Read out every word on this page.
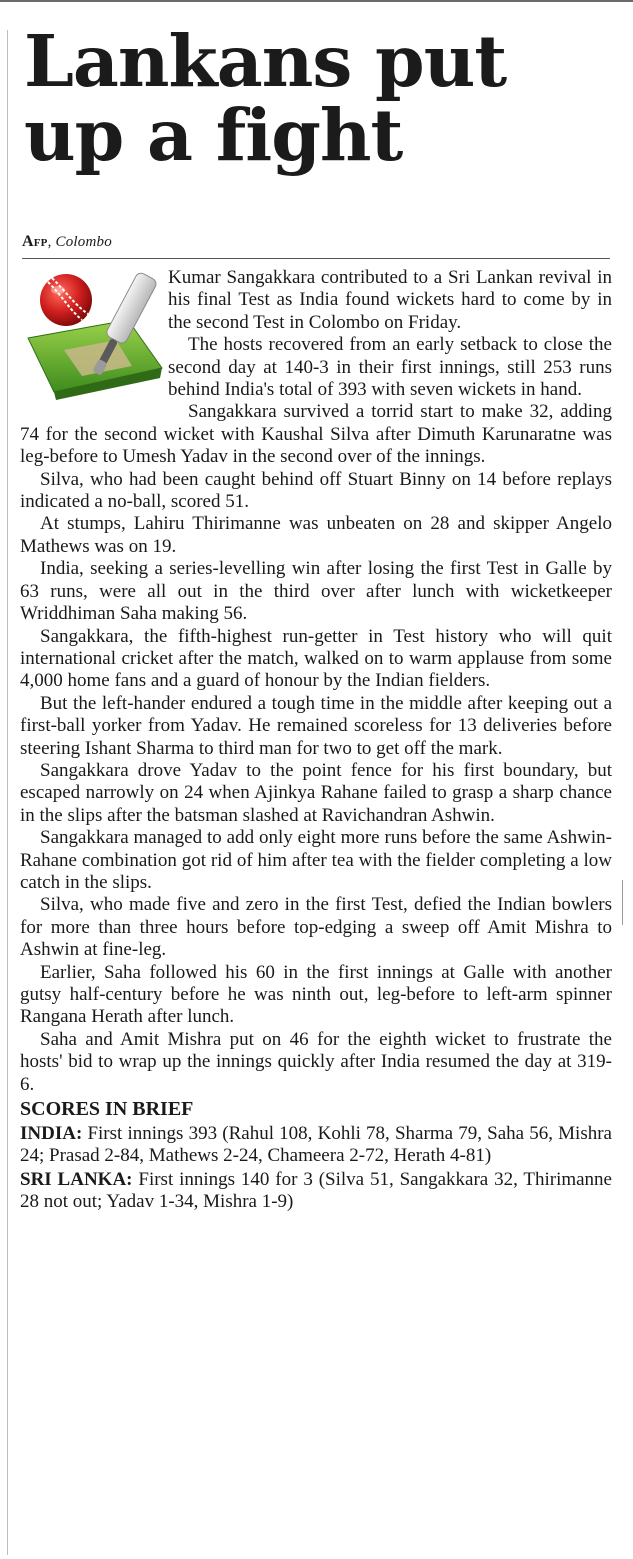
Lankans put up a fight
Afp, Colombo

Kumar Sangakkara contributed to a Sri Lankan revival in his final Test as India found wickets hard to come by in the second Test in Colombo on Friday.

The hosts recovered from an early setback to close the second day at 140-3 in their first innings, still 253 runs behind India's total of 393 with seven wickets in hand.

Sangakkara survived a torrid start to make 32, adding 74 for the second wicket with Kaushal Silva after Dimuth Karunaratne was leg-before to Umesh Yadav in the second over of the innings.

Silva, who had been caught behind off Stuart Binny on 14 before replays indicated a no-ball, scored 51.

At stumps, Lahiru Thirimanne was unbeaten on 28 and skipper Angelo Mathews was on 19.

India, seeking a series-levelling win after losing the first Test in Galle by 63 runs, were all out in the third over after lunch with wicketkeeper Wriddhiman Saha making 56.

Sangakkara, the fifth-highest run-getter in Test history who will quit international cricket after the match, walked on to warm applause from some 4,000 home fans and a guard of honour by the Indian fielders.

But the left-hander endured a tough time in the middle after keeping out a first-ball yorker from Yadav. He remained scoreless for 13 deliveries before steering Ishant Sharma to third man for two to get off the mark.

Sangakkara drove Yadav to the point fence for his first boundary, but escaped narrowly on 24 when Ajinkya Rahane failed to grasp a sharp chance in the slips after the batsman slashed at Ravichandran Ashwin.

Sangakkara managed to add only eight more runs before the same Ashwin-Rahane combination got rid of him after tea with the fielder completing a low catch in the slips.

Silva, who made five and zero in the first Test, defied the Indian bowlers for more than three hours before top-edging a sweep off Amit Mishra to Ashwin at fine-leg.

Earlier, Saha followed his 60 in the first innings at Galle with another gutsy half-century before he was ninth out, leg-before to left-arm spinner Rangana Herath after lunch.

Saha and Amit Mishra put on 46 for the eighth wicket to frustrate the hosts' bid to wrap up the innings quickly after India resumed the day at 319-6.

SCORES IN BRIEF

INDIA: First innings 393 (Rahul 108, Kohli 78, Sharma 79, Saha 56, Mishra 24; Prasad 2-84, Mathews 2-24, Chameera 2-72, Herath 4-81)

SRI LANKA: First innings 140 for 3 (Silva 51, Sangakkara 32, Thirimanne 28 not out; Yadav 1-34, Mishra 1-9)
